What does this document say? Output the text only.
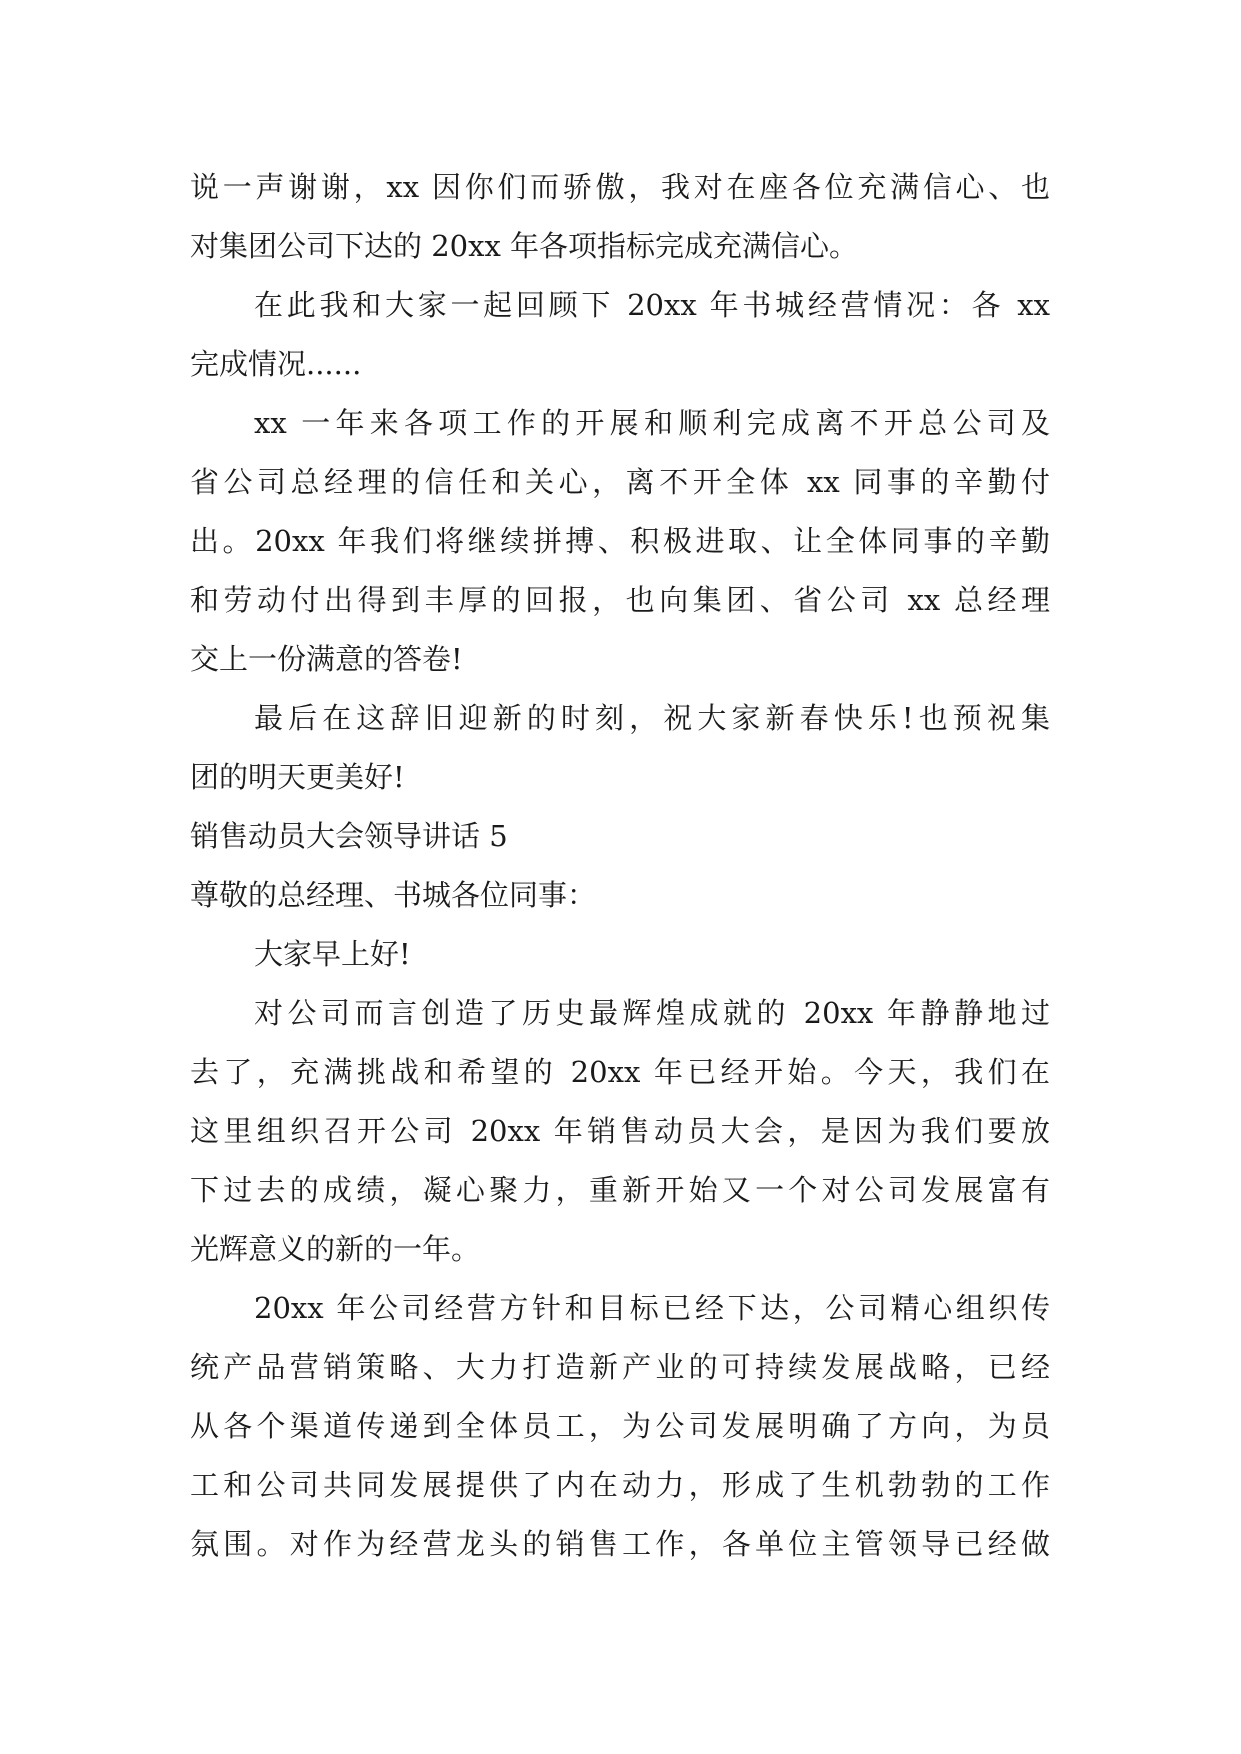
说一声谢谢，xx 因你们而骄傲，我对在座各位充满信心、也
对集团公司下达的 20xx 年各项指标完成充满信心。
在此我和大家一起回顾下 20xx 年书城经营情况：各 xx
完成情况......
xx 一年来各项工作的开展和顺利完成离不开总公司及
省公司总经理的信任和关心，离不开全体 xx 同事的辛勤付
出。20xx 年我们将继续拼搏、积极进取、让全体同事的辛勤
和劳动付出得到丰厚的回报，也向集团、省公司 xx 总经理
交上一份满意的答卷!
最后在这辞旧迎新的时刻，祝大家新春快乐!也预祝集
团的明天更美好!
销售动员大会领导讲话 5
尊敬的总经理、书城各位同事：
大家早上好!
对公司而言创造了历史最辉煌成就的 20xx 年静静地过
去了，充满挑战和希望的 20xx 年已经开始。今天，我们在
这里组织召开公司 20xx 年销售动员大会，是因为我们要放
下过去的成绩，凝心聚力，重新开始又一个对公司发展富有
光辉意义的新的一年。
20xx 年公司经营方针和目标已经下达，公司精心组织传
统产品营销策略、大力打造新产业的可持续发展战略，已经
从各个渠道传递到全体员工，为公司发展明确了方向，为员
工和公司共同发展提供了内在动力，形成了生机勃勃的工作
氛围。对作为经营龙头的销售工作，各单位主管领导已经做
